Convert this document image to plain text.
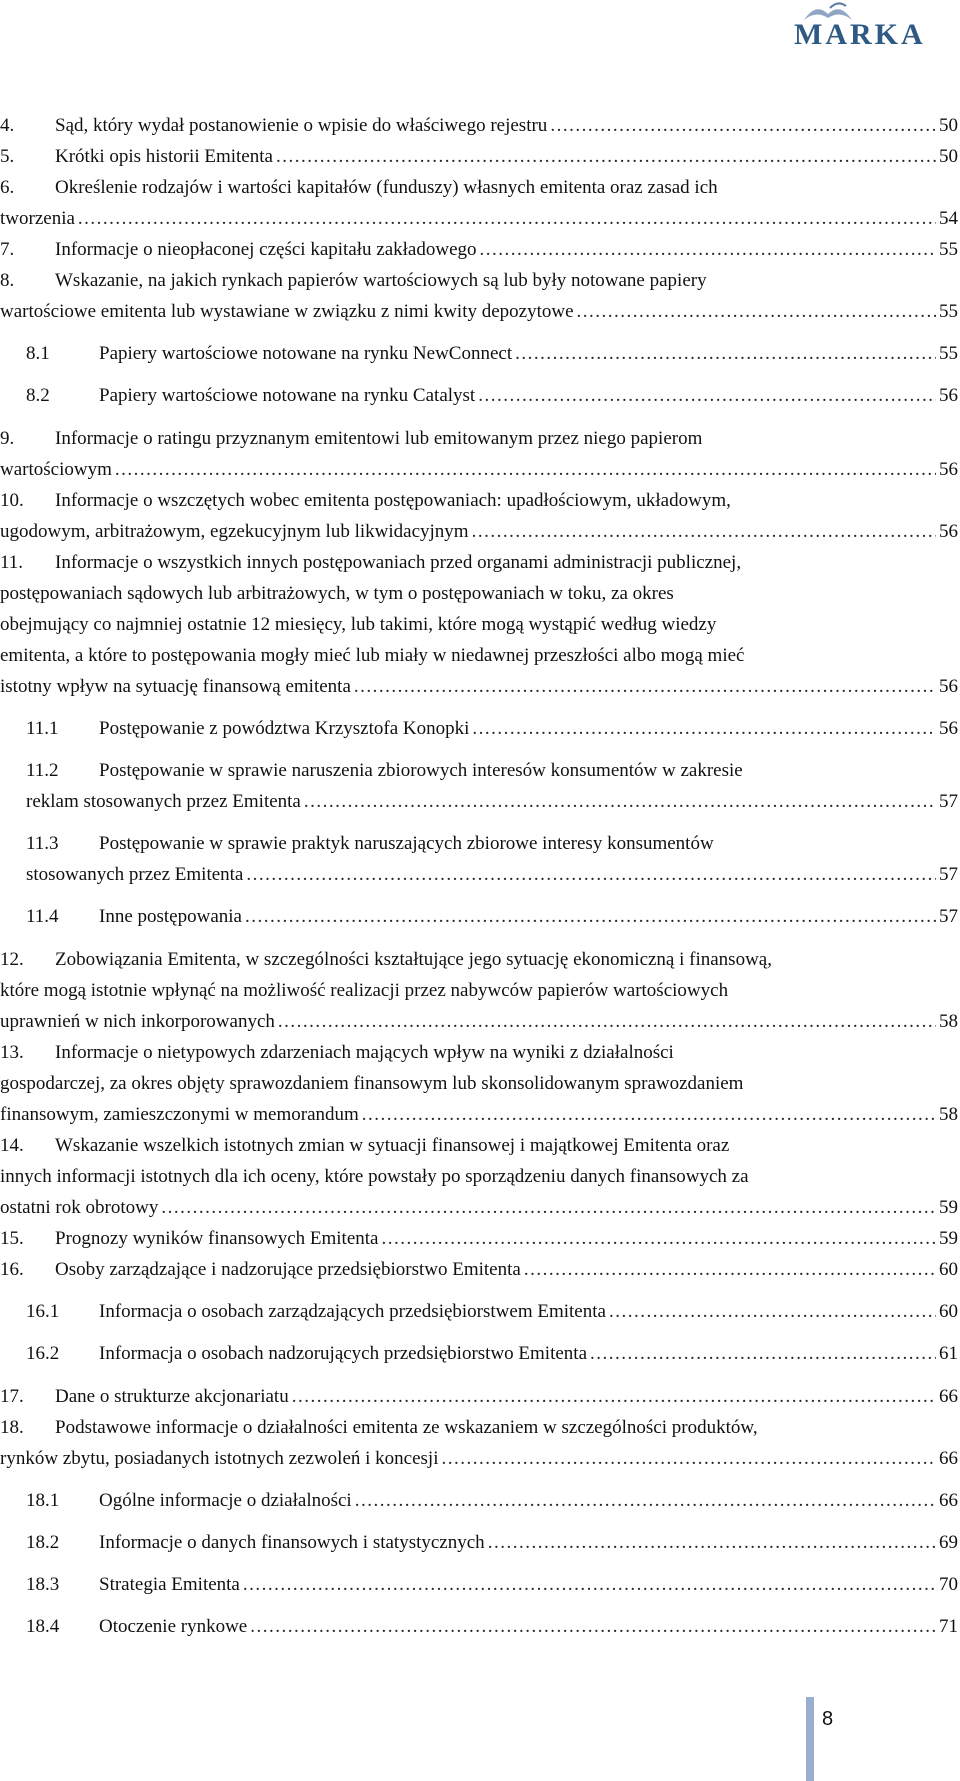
MARKA
4.	Sąd, który wydał postanowienie o wpisie do właściwego rejestru .....	50
5.	Krótki opis historii Emitenta .....	50
6.	Określenie rodzajów i wartości kapitałów (funduszy) własnych emitenta oraz zasad ich
tworzenia .....	54
7.	Informacje o nieopłaconej części kapitału zakładowego .....	55
8.	Wskazanie, na jakich rynkach papierów wartościowych są lub były notowane papiery
wartościowe emitenta lub wystawiane w związku z nimi kwity depozytowe .....	55
8.1	Papiery wartościowe notowane na rynku NewConnect .....	55
8.2	Papiery wartościowe notowane na rynku Catalyst .....	56
9.	Informacje o ratingu przyznanym emitentowi lub emitowanym przez niego papierom
wartościowym .....	56
10.	Informacje o wszczętych wobec emitenta postępowaniach: upadłościowym, układowym,
ugodowym, arbitrażowym, egzekucyjnym lub likwidacyjnym .....	56
11.	Informacje o wszystkich innych postępowaniach przed organami administracji publicznej,
postępowaniach sądowych lub arbitrażowych, w tym o postępowaniach w toku, za okres
obejmujący co najmniej ostatnie 12 miesięcy, lub takimi, które mogą wystąpić według wiedzy
emitenta, a które to postępowania mogły mieć lub miały w niedawnej przeszłości albo mogą mieć
istotny wpływ na sytuację finansową emitenta .....	56
11.1	Postępowanie z powództwa Krzysztofa Konopki .....	56
11.2	Postępowanie w sprawie naruszenia zbiorowych interesów konsumentów w zakresie
reklam stosowanych przez Emitenta .....	57
11.3	Postępowanie w sprawie praktyk naruszających zbiorowe interesy konsumentów
stosowanych przez Emitenta .....	57
11.4	Inne postępowania .....	57
12.	Zobowiązania Emitenta, w szczególności kształtujące jego sytuację ekonomiczną i finansową,
które mogą istotnie wpłynąć na możliwość realizacji przez nabywców papierów wartościowych
uprawnień w nich inkorporowanych .....	58
13.	Informacje o nietypowych zdarzeniach mających wpływ na wyniki z działalności
gospodarczej, za okres objęty sprawozdaniem finansowym lub skonsolidowanym sprawozdaniem
finansowym, zamieszczonymi w memorandum .....	58
14.	Wskazanie wszelkich istotnych zmian w sytuacji finansowej i majątkowej Emitenta oraz
innych informacji istotnych dla ich oceny, które powstały po sporządzeniu danych finansowych za
ostatni rok obrotowy .....	59
15.	Prognozy wyników finansowych Emitenta .....	59
16.	Osoby zarządzające i nadzorujące przedsiębiorstwo Emitenta .....	60
16.1	Informacja o osobach zarządzających przedsiębiorstwem Emitenta .....	60
16.2	Informacja o osobach nadzorujących przedsiębiorstwo Emitenta .....	61
17.	Dane o strukturze akcjonariatu .....	66
18.	Podstawowe informacje o działalności emitenta ze wskazaniem w szczególności produktów,
rynków zbytu, posiadanych istotnych zezwoleń i koncesji .....	66
18.1	Ogólne informacje o działalności .....	66
18.2	Informacje o danych finansowych i statystycznych .....	69
18.3	Strategia Emitenta .....	70
18.4	Otoczenie rynkowe .....	71
8
